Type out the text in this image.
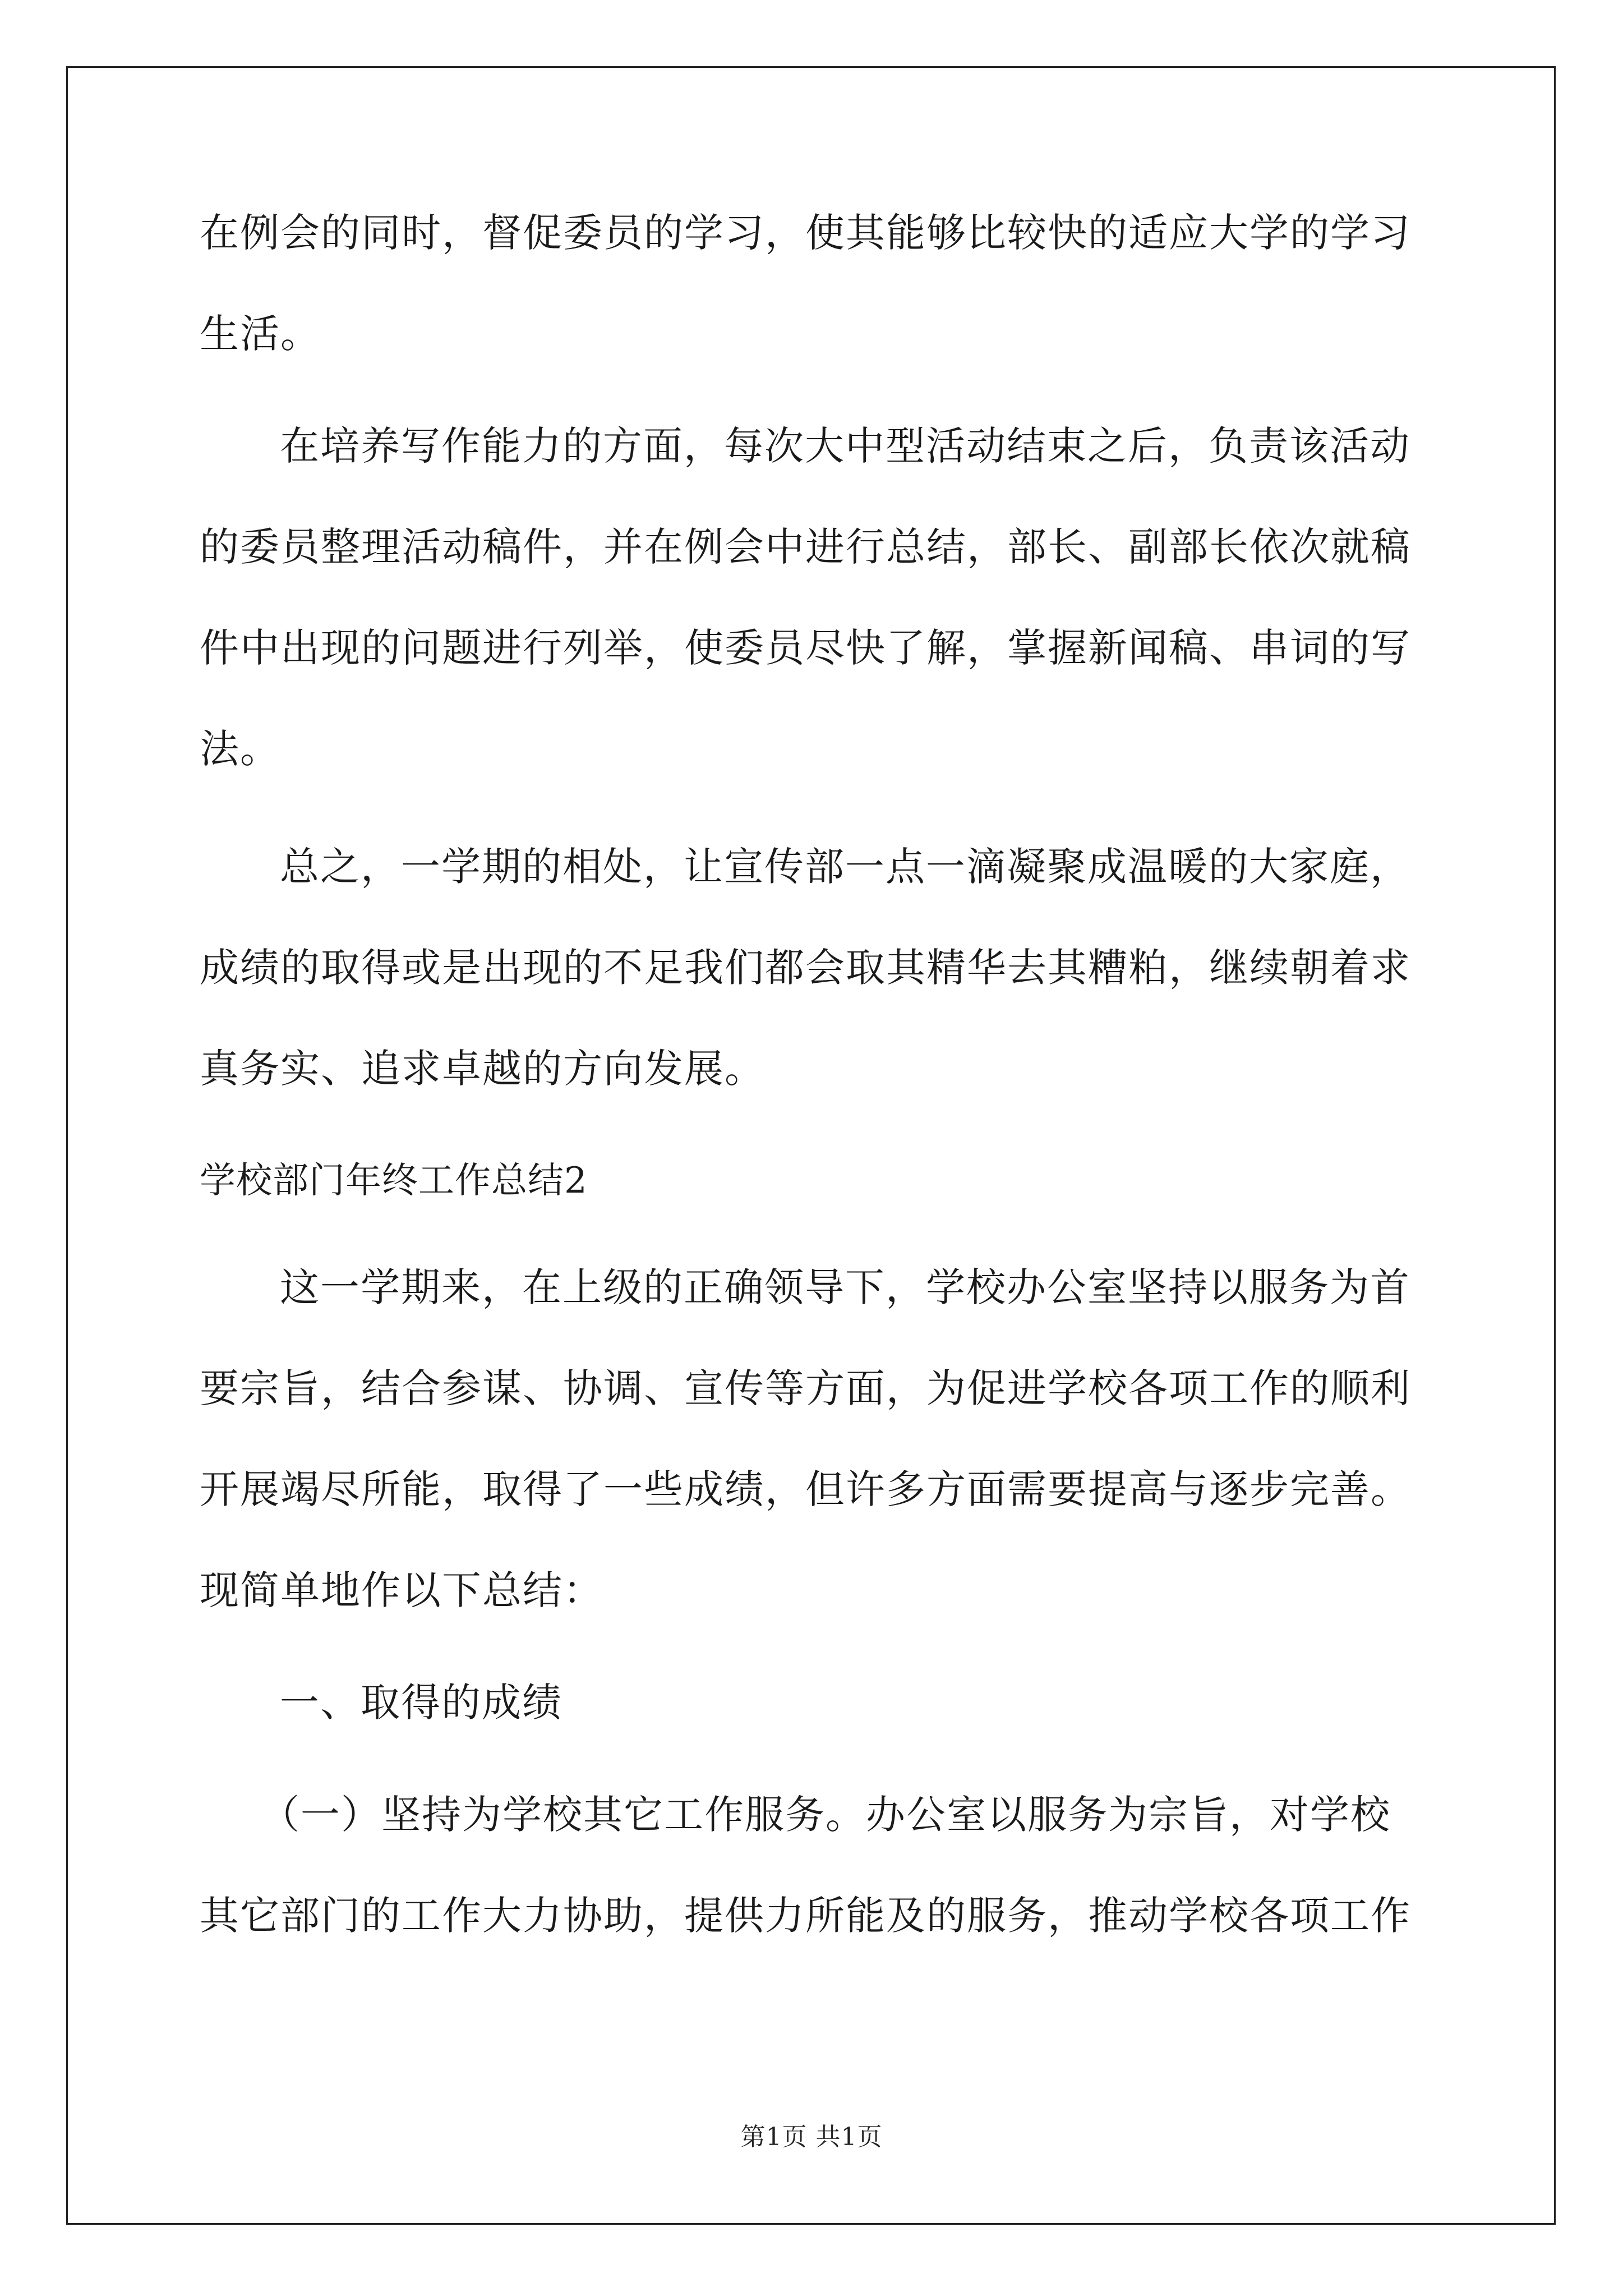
在例会的同时，督促委员的学习，使其能够比较快的适应大学的学习
生活。
在培养写作能力的方面，每次大中型活动结束之后，负责该活动
的委员整理活动稿件，并在例会中进行总结，部长、副部长依次就稿
件中出现的问题进行列举，使委员尽快了解，掌握新闻稿、串词的写
法。
总之，一学期的相处，让宣传部一点一滴凝聚成温暖的大家庭，
成绩的取得或是出现的不足我们都会取其精华去其糟粕，继续朝着求
真务实、追求卓越的方向发展。
学校部门年终工作总结2
这一学期来，在上级的正确领导下，学校办公室坚持以服务为首
要宗旨，结合参谋、协调、宣传等方面，为促进学校各项工作的顺利
开展竭尽所能，取得了一些成绩，但许多方面需要提高与逐步完善。
现简单地作以下总结：
一、取得的成绩
（一）坚持为学校其它工作服务。办公室以服务为宗旨，对学校
其它部门的工作大力协助，提供力所能及的服务，推动学校各项工作
第1页 共1页
